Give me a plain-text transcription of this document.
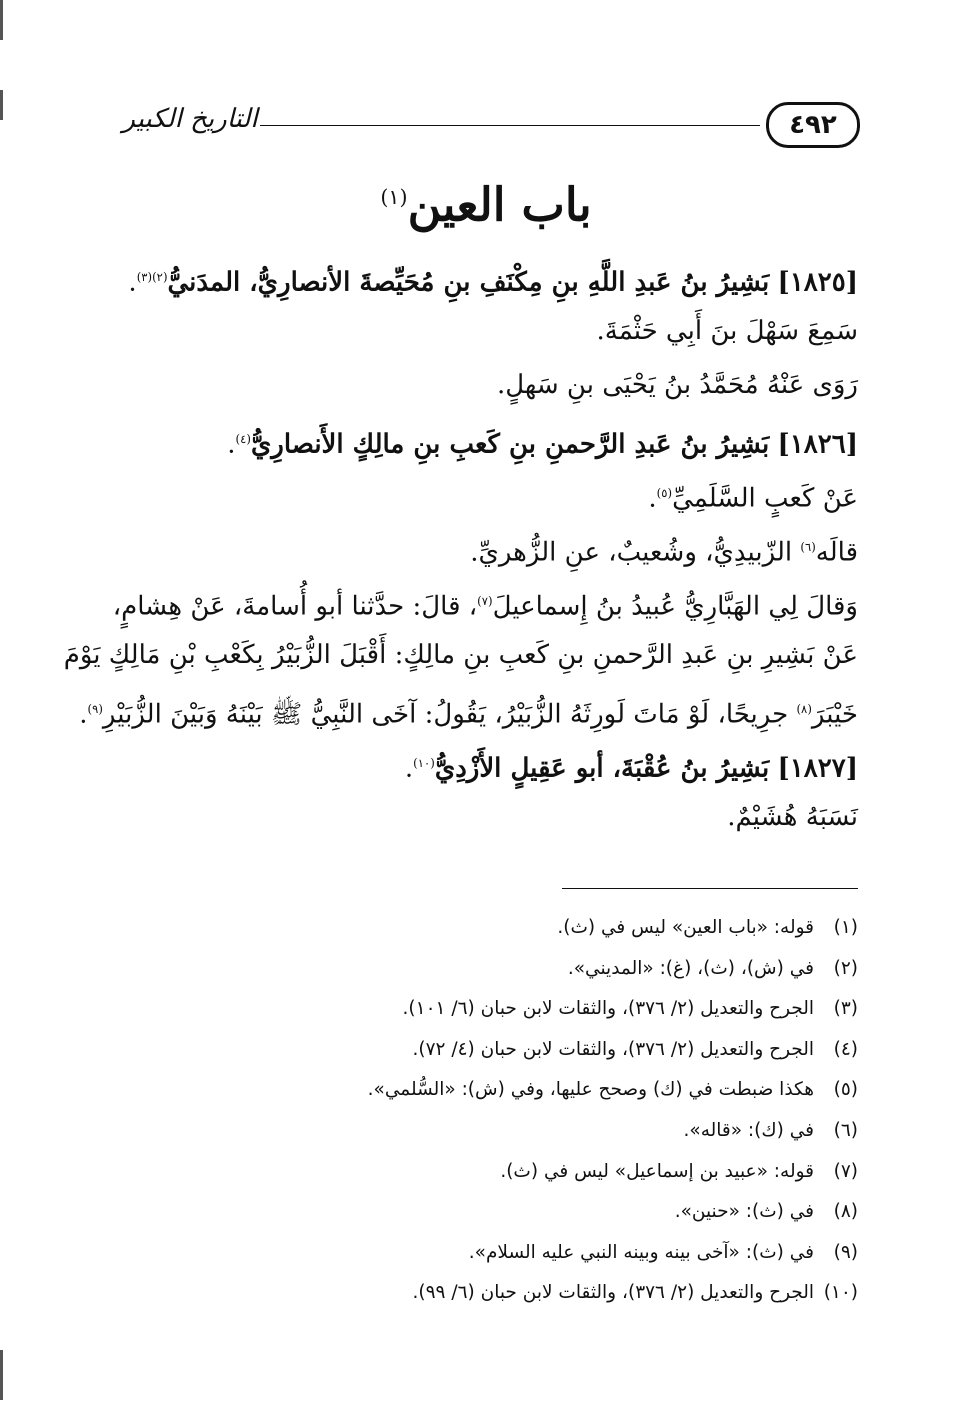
٤٩٢
التاريخ الكبير
باب العين$^{(١)}$
[١٨٢٥] بَشِيرُ بنُ عَبدِ اللَّهِ بنِ مِكْنَفِ بنِ مُحَيِّصةَ الأنصارِيُّ، المدَنيُّ$^{(٢)(٣)}$.
سَمِعَ سَهْلَ بنَ أَبِي حَثْمَةَ.
رَوَى عَنْهُ مُحَمَّدُ بنُ يَحْيَى بنِ سَهلٍ.
[١٨٢٦] بَشِيرُ بنُ عَبدِ الرَّحمنِ بنِ كَعبِ بنِ مالِكٍ الأَنصارِيُّ$^{(٤)}$.
عَنْ كَعبٍ السَّلَمِيِّ$^{(٥)}$.
قالَه$^{(٦)}$ الزّبيدِيُّ، وشُعيبٌ، عنِ الزُّهريِّ.
وَقالَ لِي الهَبَّارِيُّ عُبيدُ بنُ إِسماعيلَ$^{(٧)}$، قالَ: حدَّثنا أبو أُسامةَ، عَنْ هِشامٍ،
عَنْ بَشِيرِ بنِ عَبدِ الرَّحمنِ بنِ كَعبِ بنِ مالِكٍ: أَقْبَلَ الزُّبَيْرُ بِكَعْبِ بْنِ مَالِكٍ يَوْمَ
خَيْبَرَ$^{(٨)}$ جرِيحًا، لَوْ مَاتَ لَورِثَهُ الزُّبَيْرُ، يَقُولُ: آخَى النَّبِيُّ ﷺ بَيْنَهُ وَبَيْنَ الزُّبَيْرِ$^{(٩)}$.
[١٨٢٧] بَشِيرُ بنُ عُقْبَةَ، أبو عَقِيلٍ الأَزْدِيُّ$^{(١٠)}$.
نَسَبَهُ هُشَيْمٌ.
(١)قوله: «باب العين» ليس في (ث).
(٢)في (ش)، (ث)، (غ): «المديني».
(٣)الجرح والتعديل (٢/ ٣٧٦)، والثقات لابن حبان (٦/ ١٠١).
(٤)الجرح والتعديل (٢/ ٣٧٦)، والثقات لابن حبان (٤/ ٧٢).
(٥)هكذا ضبطت في (ك) وصحح عليها، وفي (ش): «السُّلمي».
(٦)في (ك): «قاله».
(٧)قوله: «عبيد بن إسماعيل» ليس في (ث).
(٨)في (ث): «حنين».
(٩)في (ث): «آخى بينه وبينه النبي عليه السلام».
(١٠)الجرح والتعديل (٢/ ٣٧٦)، والثقات لابن حبان (٦/ ٩٩).
